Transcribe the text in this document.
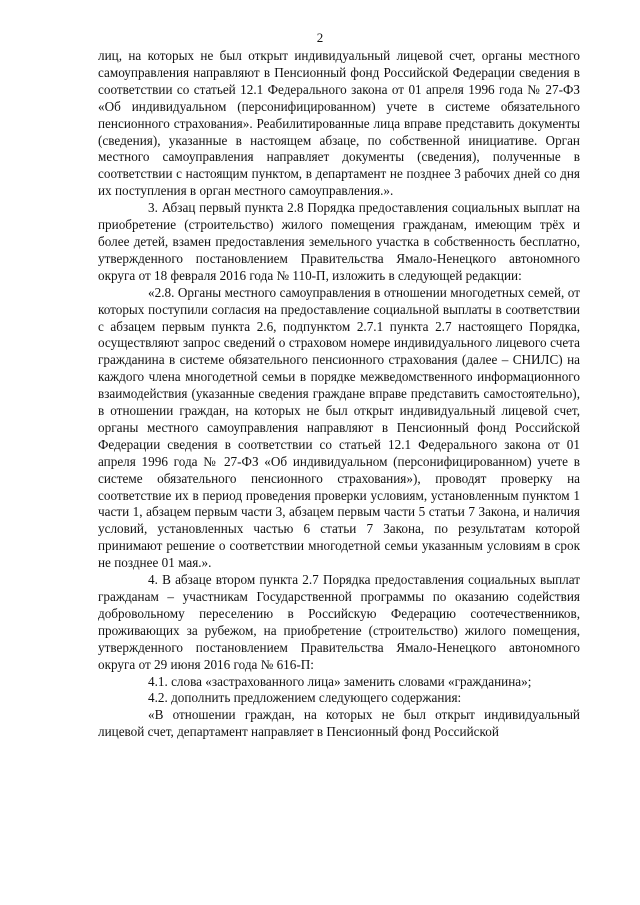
2

лиц, на которых не был открыт индивидуальный лицевой счет, органы местного самоуправления направляют в Пенсионный фонд Российской Федерации сведения в соответствии со статьей 12.1 Федерального закона от 01 апреля 1996 года № 27-ФЗ «Об индивидуальном (персонифицированном) учете в системе обязательного пенсионного страхования». Реабилитированные лица вправе представить документы (сведения), указанные в настоящем абзаце, по собственной инициативе. Орган местного самоуправления направляет документы (сведения), полученные в соответствии с настоящим пунктом, в департамент не позднее 3 рабочих дней со дня их поступления в орган местного самоуправления.».

3. Абзац первый пункта 2.8 Порядка предоставления социальных выплат на приобретение (строительство) жилого помещения гражданам, имеющим трёх и более детей, взамен предоставления земельного участка в собственность бесплатно, утвержденного постановлением Правительства Ямало-Ненецкого автономного округа от 18 февраля 2016 года № 110-П, изложить в следующей редакции:

«2.8. Органы местного самоуправления в отношении многодетных семей, от которых поступили согласия на предоставление социальной выплаты в соответствии с абзацем первым пункта 2.6, подпунктом 2.7.1 пункта 2.7 настоящего Порядка, осуществляют запрос сведений о страховом номере индивидуального лицевого счета гражданина в системе обязательного пенсионного страхования (далее – СНИЛС) на каждого члена многодетной семьи в порядке межведомственного информационного взаимодействия (указанные сведения граждане вправе представить самостоятельно), в отношении граждан, на которых не был открыт индивидуальный лицевой счет, органы местного самоуправления направляют в Пенсионный фонд Российской Федерации сведения в соответствии со статьей 12.1 Федерального закона от 01 апреля 1996 года № 27-ФЗ «Об индивидуальном (персонифицированном) учете в системе обязательного пенсионного страхования»), проводят проверку на соответствие их в период проведения проверки условиям, установленным пунктом 1 части 1, абзацем первым части 3, абзацем первым части 5 статьи 7 Закона, и наличия условий, установленных частью 6 статьи 7 Закона, по результатам которой принимают решение о соответствии многодетной семьи указанным условиям в срок не позднее 01 мая.».

4. В абзаце втором пункта 2.7 Порядка предоставления социальных выплат гражданам – участникам Государственной программы по оказанию содействия добровольному переселению в Российскую Федерацию соотечественников, проживающих за рубежом, на приобретение (строительство) жилого помещения, утвержденного постановлением Правительства Ямало-Ненецкого автономного округа от 29 июня 2016 года № 616-П:

4.1. слова «застрахованного лица» заменить словами «гражданина»;

4.2. дополнить предложением следующего содержания:

«В отношении граждан, на которых не был открыт индивидуальный лицевой счет, департамент направляет в Пенсионный фонд Российской
